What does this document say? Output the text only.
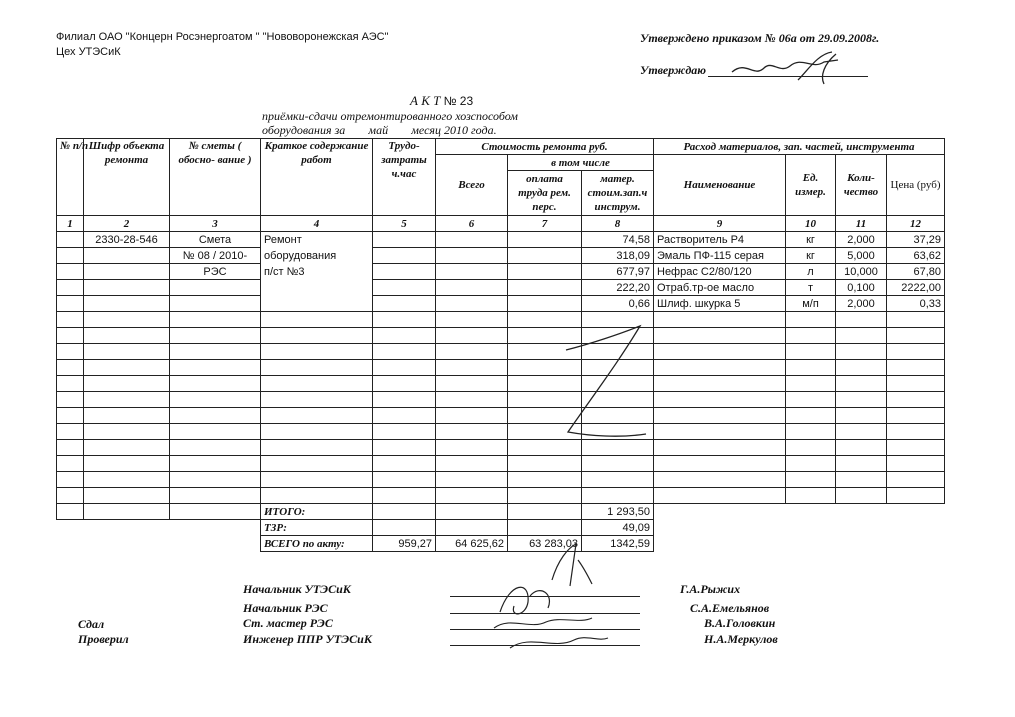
Филиал ОАО "Концерн Росэнергоатом " "Нововоронежская АЭС"
Цех УТЭСиК
Утверждено приказом № 06а от 29.09.2008г.
Утверждаю
А К Т № 23
приёмки-сдачи отремонтированного хозспособом
оборудования за май месяц 2010 года.
№ п/п	Шифр объекта ремонта	№ сметы ( обосно- вание )	Краткое содержание работ	Трудо- затраты ч.час	Стоимость ремонта руб.			Расход материалов, зап. частей, инструмента			
					Всего	в том числе		Наименование	Ед. измер.	Коли- чество	Цена (руб)
						оплата труда рем. перс.	матер. стоим.зап.ч инструм.				

1	2	3	4	5	6	7	8	9	10	11	12
	2330-28-546	Смета	Ремонт				74,58	Растворитель Р4	кг	2,000	37,29
		№ 08 / 2010-	оборудования				318,09	Эмаль ПФ-115 серая	кг	5,000	63,62
		РЭС	п/ст №3				677,97	Нефрас С2/80/120	л	10,000	67,80
							222,20	Отраб.тр-ое масло	т	0,100	2222,00
							0,66	Шлиф. шкурка 5	м/п	2,000	0,33

			ИТОГО:				1 293,50				
			ТЗР:				49,09				
			ВСЕГО по акту:	959,27	64 625,62	63 283,03	1342,59				
Сдал
Проверил
Начальник УТЭСиК
Начальник РЭС
Ст. мастер РЭС
Инженер ППР УТЭСиК
Г.А.Рыжих
С.А.Емельянов
В.А.Головкин
Н.А.Меркулов
